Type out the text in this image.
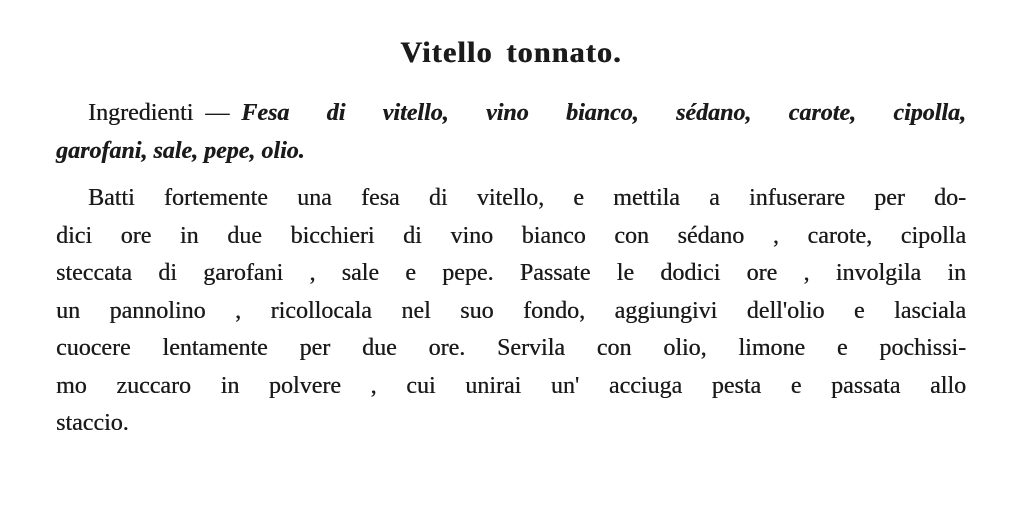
Vitello tonnato.

Ingredienti — Fesa di vitello, vino bianco, sédano, carote, cipolla,
garofani, sale, pepe, olio.

Batti fortemente una fesa di vitello, e mettila a infuserare per do-
dici ore in due bicchieri di vino bianco con sédano , carote, cipolla
steccata di garofani , sale e pepe. Passate le dodici ore , involgila in
un pannolino , ricollocala nel suo fondo, aggiungivi dell'olio e lasciala
cuocere lentamente per due ore. Servila con olio, limone e pochissi-
mo zuccaro in polvere , cui unirai un' acciuga pesta e passata allo
staccio.
